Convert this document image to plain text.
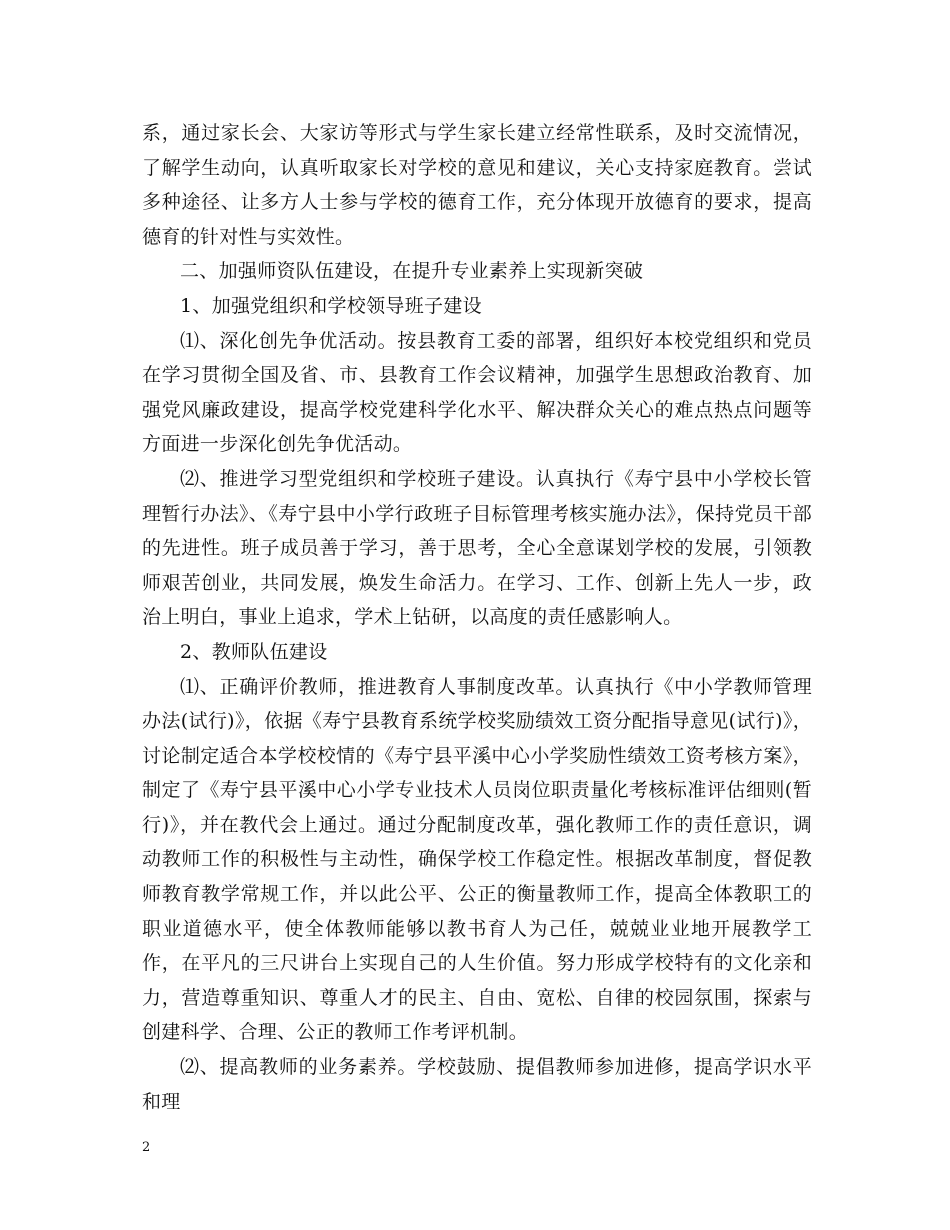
系，通过家长会、大家访等形式与学生家长建立经常性联系，及时交流情况，了解学生动向，认真听取家长对学校的意见和建议，关心支持家庭教育。尝试多种途径、让多方人士参与学校的德育工作，充分体现开放德育的要求，提高德育的针对性与实效性。

二、加强师资队伍建设，在提升专业素养上实现新突破

1、加强党组织和学校领导班子建设

⑴、深化创先争优活动。按县教育工委的部署，组织好本校党组织和党员在学习贯彻全国及省、市、县教育工作会议精神，加强学生思想政治教育、加强党风廉政建设，提高学校党建科学化水平、解决群众关心的难点热点问题等方面进一步深化创先争优活动。

⑵、推进学习型党组织和学校班子建设。认真执行《寿宁县中小学校长管理暂行办法》、《寿宁县中小学行政班子目标管理考核实施办法》，保持党员干部的先进性。班子成员善于学习，善于思考，全心全意谋划学校的发展，引领教师艰苦创业，共同发展，焕发生命活力。在学习、工作、创新上先人一步，政治上明白，事业上追求，学术上钻研，以高度的责任感影响人。

2、教师队伍建设

⑴、正确评价教师，推进教育人事制度改革。认真执行《中小学教师管理办法(试行)》，依据《寿宁县教育系统学校奖励绩效工资分配指导意见(试行)》，讨论制定适合本学校校情的《寿宁县平溪中心小学奖励性绩效工资考核方案》，制定了《寿宁县平溪中心小学专业技术人员岗位职责量化考核标准评估细则(暂行)》，并在教代会上通过。通过分配制度改革，强化教师工作的责任意识，调动教师工作的积极性与主动性，确保学校工作稳定性。根据改革制度，督促教师教育教学常规工作，并以此公平、公正的衡量教师工作，提高全体教职工的职业道德水平，使全体教师能够以教书育人为己任，兢兢业业地开展教学工作，在平凡的三尺讲台上实现自己的人生价值。努力形成学校特有的文化亲和力，营造尊重知识、尊重人才的民主、自由、宽松、自律的校园氛围，探索与创建科学、合理、公正的教师工作考评机制。

⑵、提高教师的业务素养。学校鼓励、提倡教师参加进修，提高学识水平和理

2
